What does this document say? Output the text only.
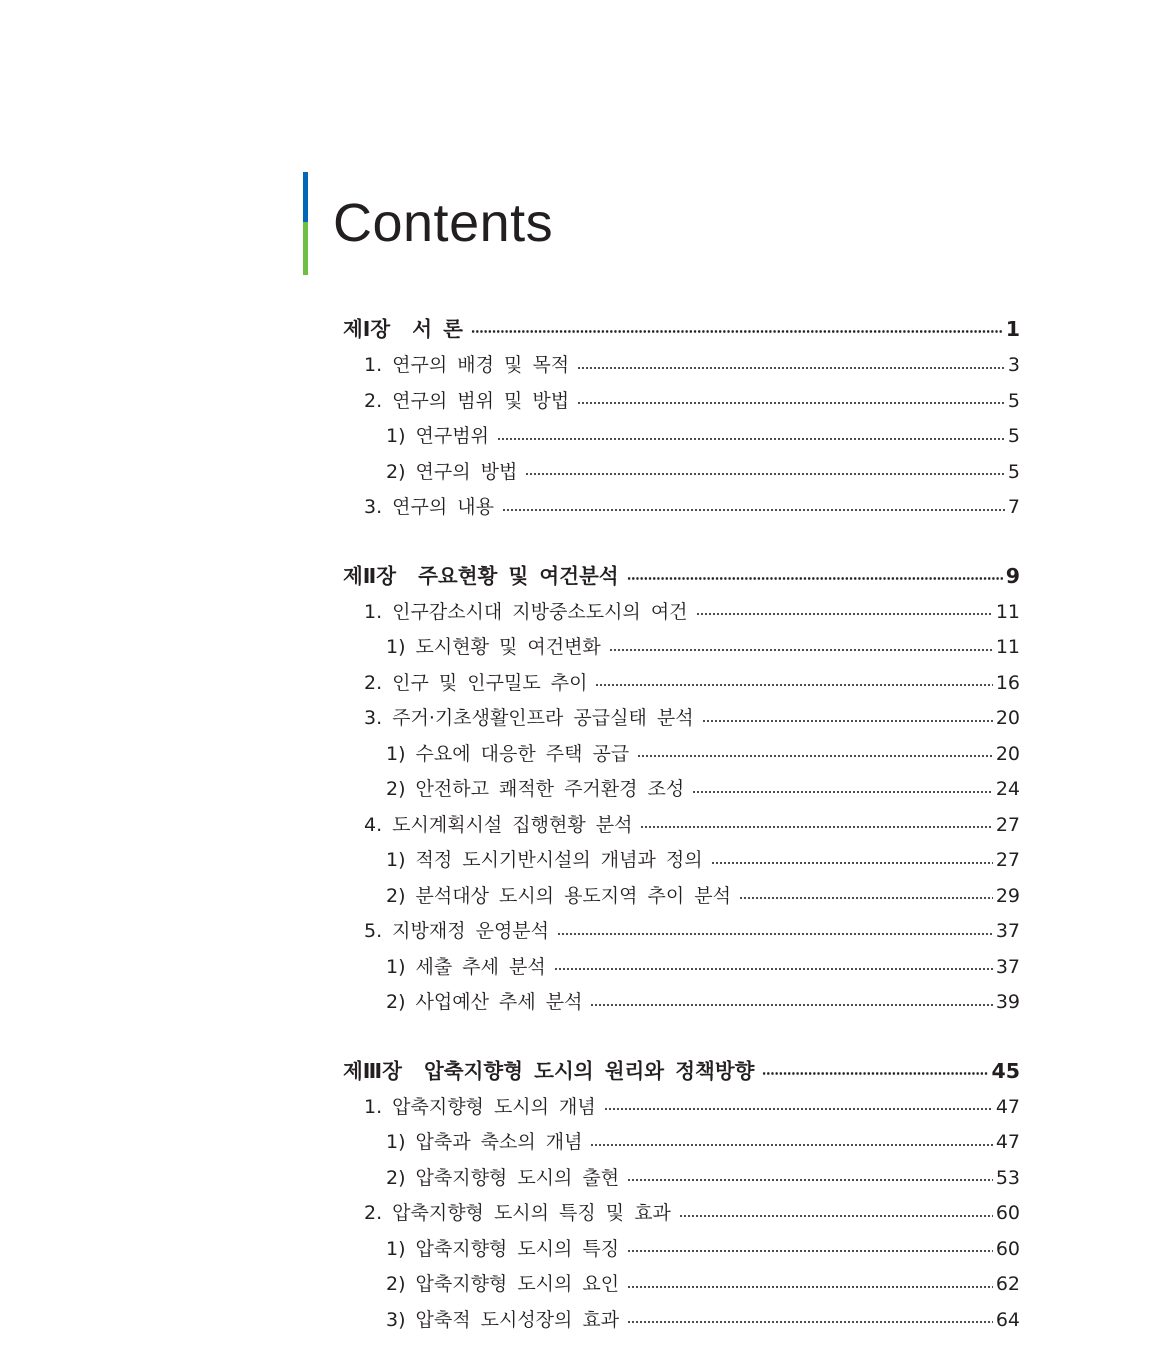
Contents
제Ⅰ장 서 론	1
1. 연구의 배경 및 목적	3
2. 연구의 범위 및 방법	5
1) 연구범위	5
2) 연구의 방법	5
3. 연구의 내용	7
제Ⅱ장 주요현황 및 여건분석	9
1. 인구감소시대 지방중소도시의 여건	11
1) 도시현황 및 여건변화	11
2. 인구 및 인구밀도 추이	16
3. 주거·기초생활인프라 공급실태 분석	20
1) 수요에 대응한 주택 공급	20
2) 안전하고 쾌적한 주거환경 조성	24
4. 도시계획시설 집행현황 분석	27
1) 적정 도시기반시설의 개념과 정의	27
2) 분석대상 도시의 용도지역 추이 분석	29
5. 지방재정 운영분석	37
1) 세출 추세 분석	37
2) 사업예산 추세 분석	39
제Ⅲ장 압축지향형 도시의 원리와 정책방향	45
1. 압축지향형 도시의 개념	47
1) 압축과 축소의 개념	47
2) 압축지향형 도시의 출현	53
2. 압축지향형 도시의 특징 및 효과	60
1) 압축지향형 도시의 특징	60
2) 압축지향형 도시의 요인	62
3) 압축적 도시성장의 효과	64
